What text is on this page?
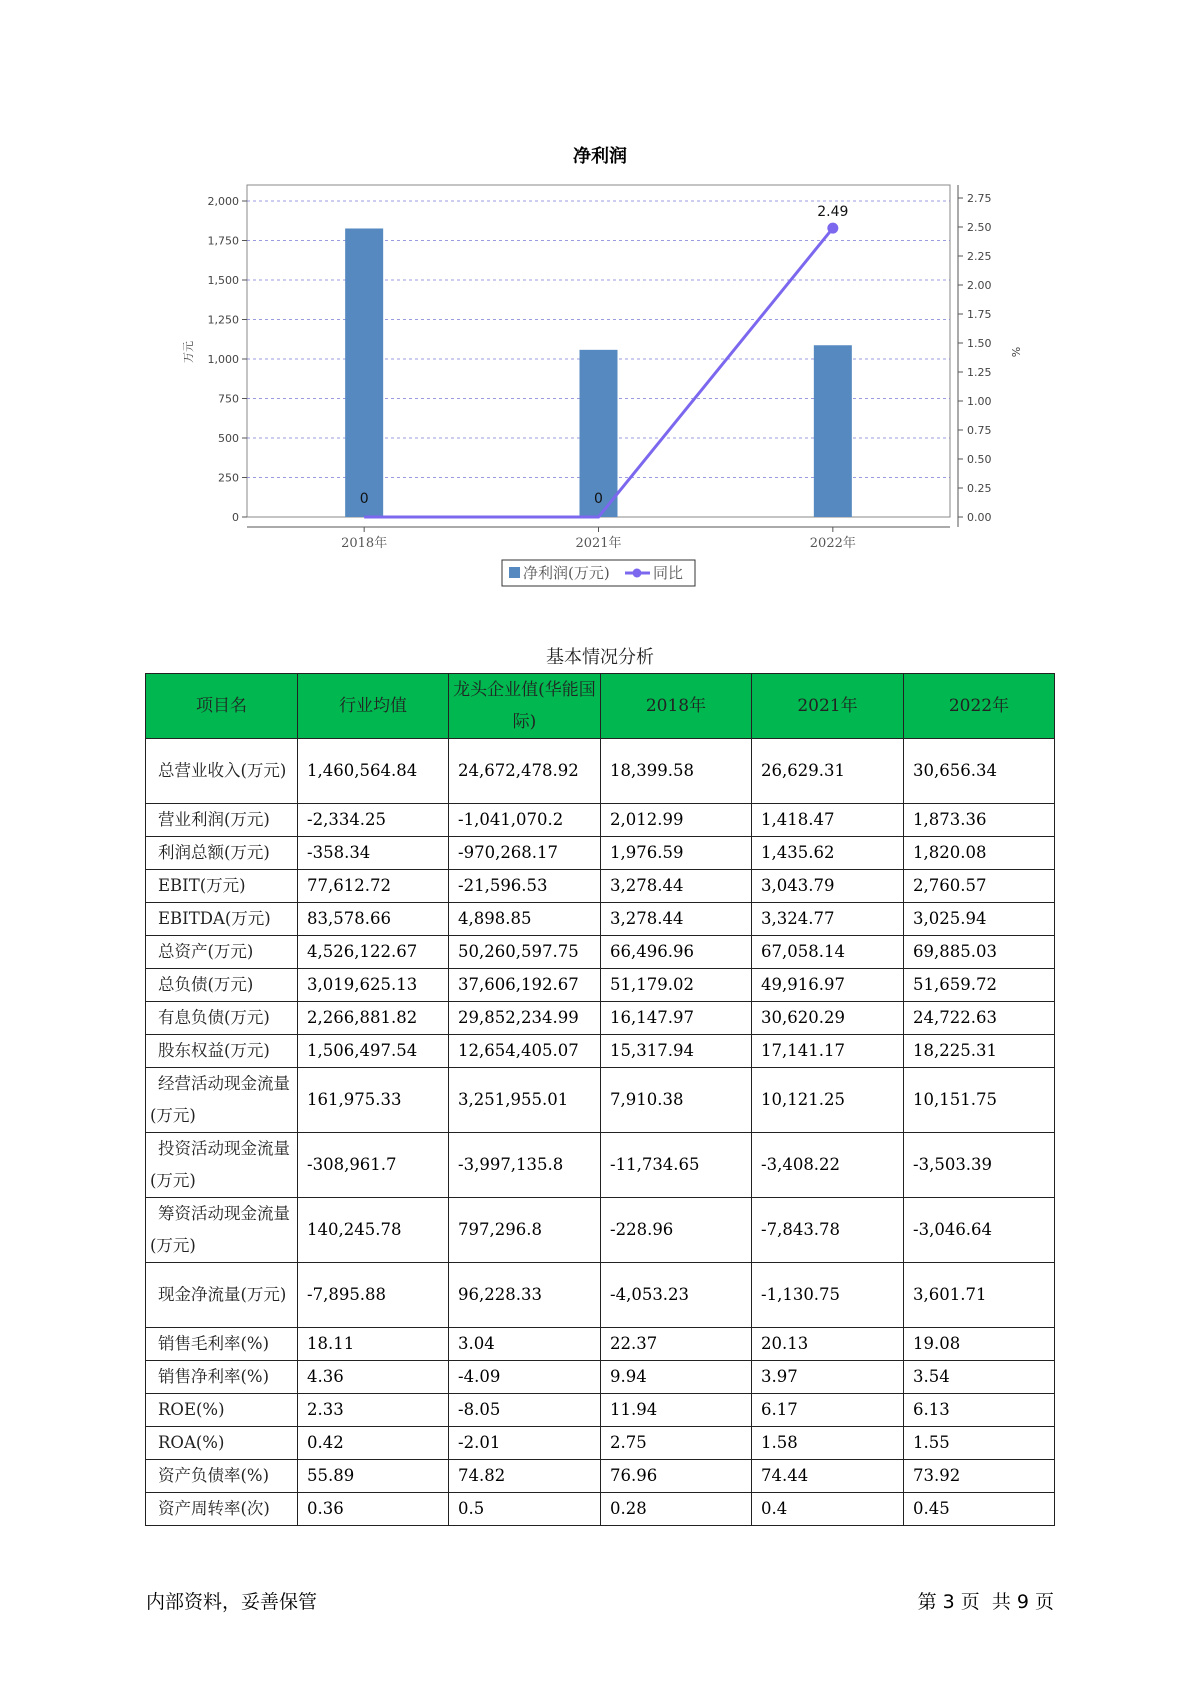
净利润
0
250
500
750
1,000
1,250
1,500
1,750
2,000
0.00
0.25
0.50
0.75
1.00
1.25
1.50
1.75
2.00
2.25
2.50
2.75
万元	%
2018年	2021年	2022年
0	0
2.49
净利润(万元)	同比
基本情况分析
项目名	行业均值	龙头企业值(华能国际)	2018年	2021年	2022年
总营业收入(万元)	1,460,564.84	24,672,478.92	18,399.58	26,629.31	30,656.34
营业利润(万元)	-2,334.25	-1,041,070.2	2,012.99	1,418.47	1,873.36
利润总额(万元)	-358.34	-970,268.17	1,976.59	1,435.62	1,820.08
EBIT(万元)	77,612.72	-21,596.53	3,278.44	3,043.79	2,760.57
EBITDA(万元)	83,578.66	4,898.85	3,278.44	3,324.77	3,025.94
总资产(万元)	4,526,122.67	50,260,597.75	66,496.96	67,058.14	69,885.03
总负债(万元)	3,019,625.13	37,606,192.67	51,179.02	49,916.97	51,659.72
有息负债(万元)	2,266,881.82	29,852,234.99	16,147.97	30,620.29	24,722.63
股东权益(万元)	1,506,497.54	12,654,405.07	15,317.94	17,141.17	18,225.31
经营活动现金流量(万元)	161,975.33	3,251,955.01	7,910.38	10,121.25	10,151.75
投资活动现金流量(万元)	-308,961.7	-3,997,135.8	-11,734.65	-3,408.22	-3,503.39
筹资活动现金流量(万元)	140,245.78	797,296.8	-228.96	-7,843.78	-3,046.64
现金净流量(万元)	-7,895.88	96,228.33	-4,053.23	-1,130.75	3,601.71
销售毛利率(%)	18.11	3.04	22.37	20.13	19.08
销售净利率(%)	4.36	-4.09	9.94	3.97	3.54
ROE(%)	2.33	-8.05	11.94	6.17	6.13
ROA(%)	0.42	-2.01	2.75	1.58	1.55
资产负债率(%)	55.89	74.82	76.96	74.44	73.92
资产周转率(次)	0.36	0.5	0.28	0.4	0.45
内部资料，妥善保管	第 3 页  共 9 页
